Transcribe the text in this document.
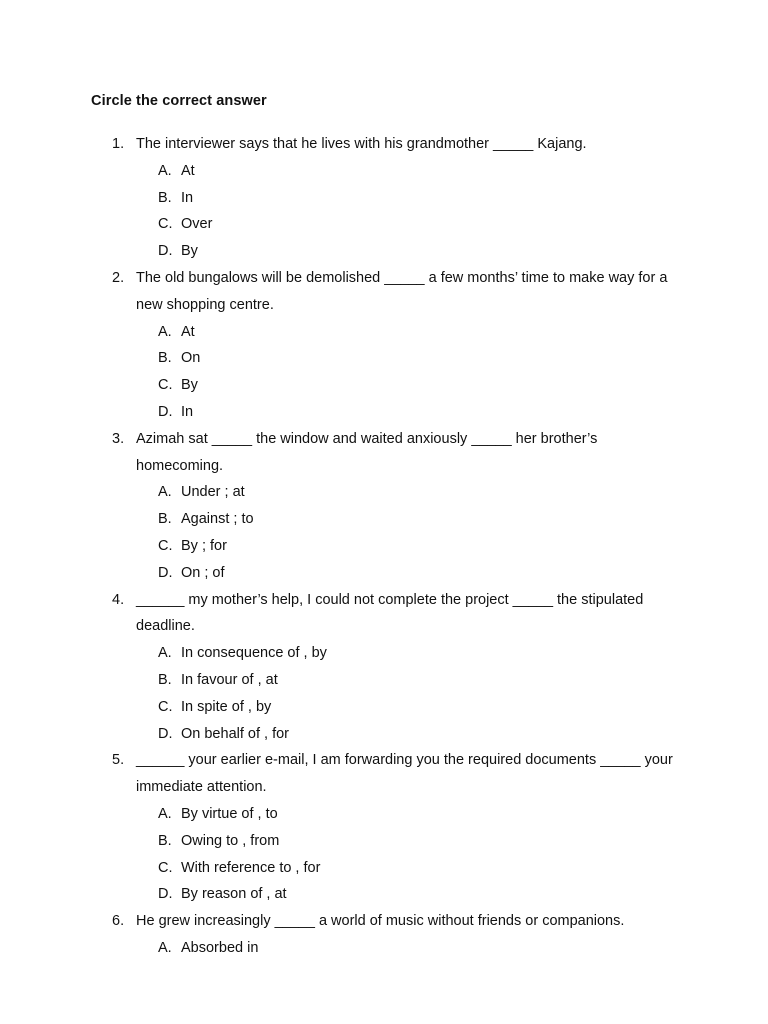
Circle the correct answer
1. The interviewer says that he lives with his grandmother _____ Kajang.
A. At
B. In
C. Over
D. By
2. The old bungalows will be demolished _____ a few months’ time to make way for a new shopping centre.
A. At
B. On
C. By
D. In
3. Azimah sat _____ the window and waited anxiously _____ her brother’s homecoming.
A. Under ; at
B. Against ; to
C. By ; for
D. On ; of
4. ______ my mother’s help, I could not complete the project _____ the stipulated deadline.
A. In consequence of , by
B. In favour of , at
C. In spite of , by
D. On behalf of , for
5. ______ your earlier e-mail, I am forwarding you the required documents _____ your immediate attention.
A. By virtue of , to
B. Owing to , from
C. With reference to , for
D. By reason of , at
6. He grew increasingly _____ a world of music without friends or companions.
A. Absorbed in
